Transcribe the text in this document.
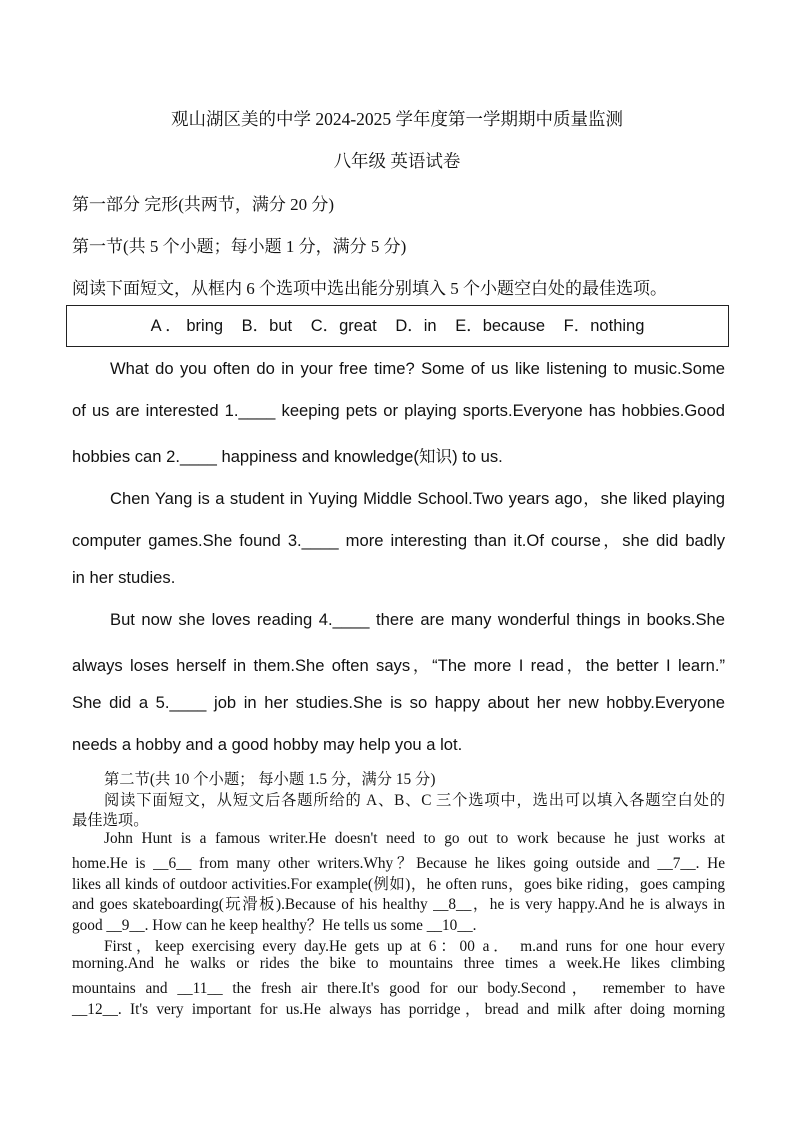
观山湖区美的中学 2024-2025 学年度第一学期期中质量监测
八年级 英语试卷
第一部分 完形(共两节，满分 20 分)
第一节(共 5 个小题；每小题 1 分，满分 5 分)
阅读下面短文，从框内 6 个选项中选出能分别填入 5 个小题空白处的最佳选项。
A ． bring B．but C．great D．in E．because F．nothing
What do you often do in your free time? Some of us like listening to music.Some
of us are interested 1.____ keeping pets or playing sports.Everyone has hobbies.Good
hobbies can 2.____ happiness and knowledge(知识) to us.
Chen Yang is a student in Yuying Middle School.Two years ago，she liked playing
computer games.She found 3.____ more interesting than it.Of course，she did badly
in her studies.
But now she loves reading 4.____ there are many wonderful things in books.She
always loses herself in them.She often says，“The more I read，the better I learn.”
She did a 5.____ job in her studies.She is so happy about her new hobby.Everyone
needs a hobby and a good hobby may help you a lot.
第二节(共 10 个小题； 每小题 1.5 分，满分 15 分)
阅读下面短文，从短文后各题所给的 A、B、C 三个选项中，选出可以填入各题空白处的
最佳选项。
John Hunt is a famous writer.He doesn't need to go out to work because he just works at
home.He is __6__ from many other writers.Why？Because he likes going outside and __7__. He
likes all kinds of outdoor activities.For example(例如)，he often runs，goes bike riding，goes camping
and goes skateboarding(玩滑板).Because of his healthy __8__，he is very happy.And he is always in
good __9__. How can he keep healthy？He tells us some __10__.
First，keep exercising every day.He gets up at 6：00 a． m.and runs for one hour every
morning.And he walks or rides the bike to mountains three times a week.He likes climbing
mountains and __11__ the fresh air there.It's good for our body.Second， remember to have
__12__. It's very important for us.He always has porridge，bread and milk after doing morning
